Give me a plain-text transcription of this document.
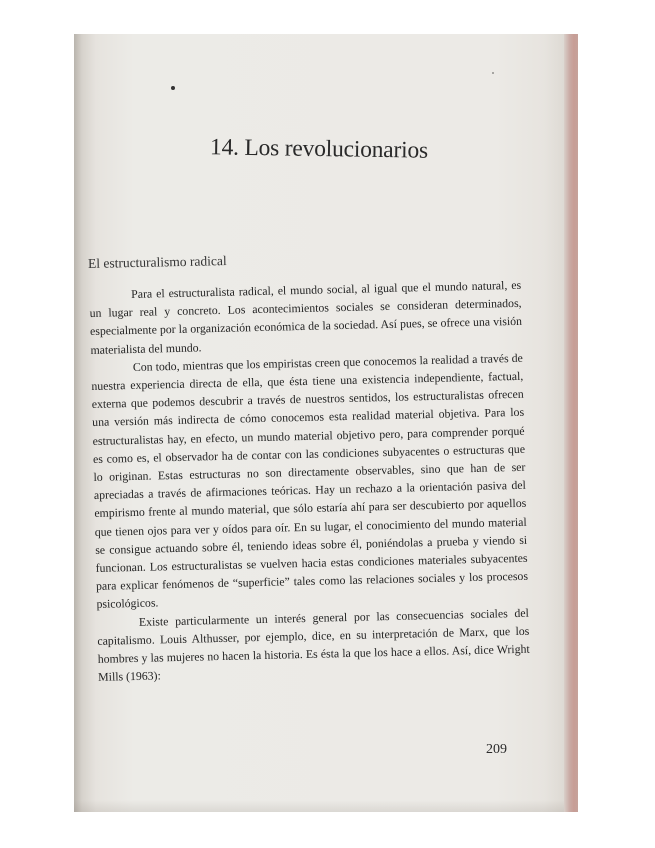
14. Los revolucionarios
El estructuralismo radical

Para el estructuralista radical, el mundo social, al igual que el mundo natural, es un lugar real y concreto. Los acontecimientos sociales se consideran determinados, especialmente por la organización económica de la sociedad. Así pues, se ofrece una visión materialista del mundo.

Con todo, mientras que los empiristas creen que conocemos la realidad a través de nuestra experiencia directa de ella, que ésta tiene una existencia independiente, factual, externa que podemos descubrir a través de nuestros sentidos, los estructuralistas ofrecen una versión más indirecta de cómo conocemos esta realidad material objetiva. Para los estructuralistas hay, en efecto, un mundo material objetivo pero, para comprender porqué es como es, el observador ha de contar con las condiciones subyacentes o estructuras que lo originan. Estas estructuras no son directamente observables, sino que han de ser apreciadas a través de afirmaciones teóricas. Hay un rechazo a la orientación pasiva del empirismo frente al mundo material, que sólo estaría ahí para ser descubierto por aquellos que tienen ojos para ver y oídos para oír. En su lugar, el conocimiento del mundo material se consigue actuando sobre él, teniendo ideas sobre él, poniéndolas a prueba y viendo si funcionan. Los estructuralistas se vuelven hacia estas condiciones materiales subyacentes para explicar fenómenos de “superficie” tales como las relaciones sociales y los procesos psicológicos.

Existe particularmente un interés general por las consecuencias sociales del capitalismo. Louis Althusser, por ejemplo, dice, en su interpretación de Marx, que los hombres y las mujeres no hacen la historia. Es ésta la que los hace a ellos. Así, dice Wright Mills (1963):

209
